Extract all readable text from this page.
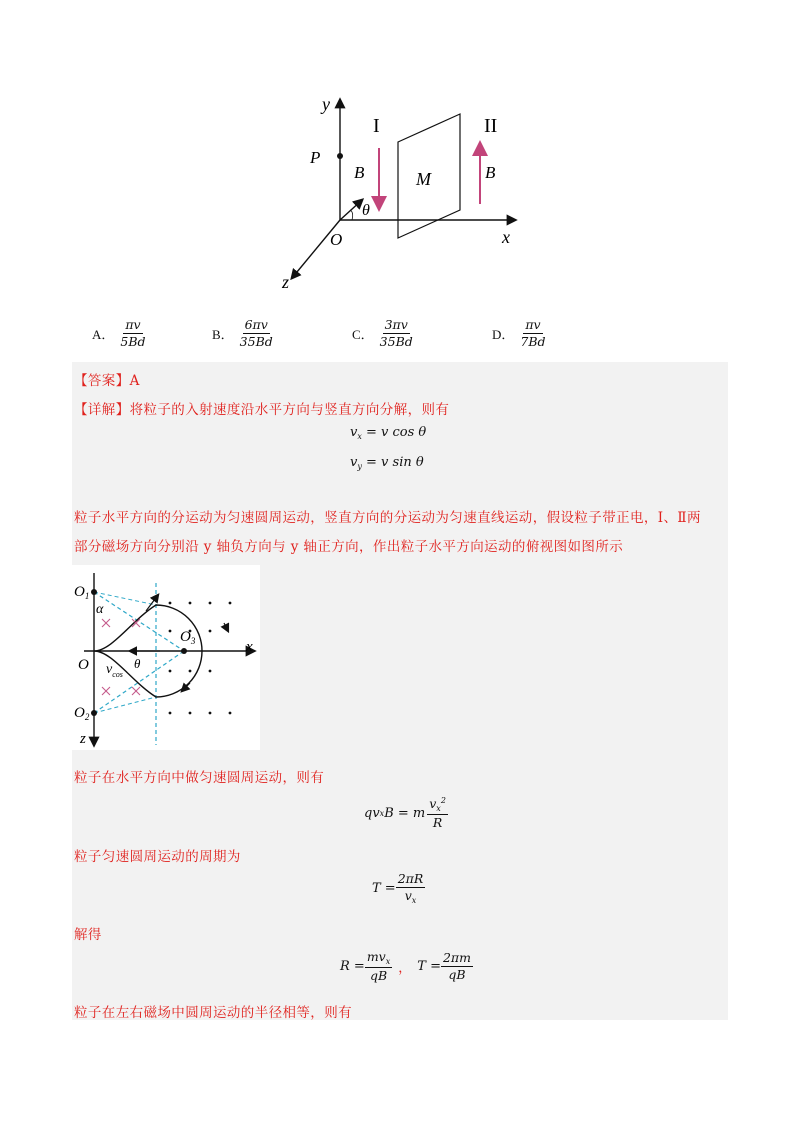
y
x
z
O
P
I	II
B	B
M
θ
A． $\frac{\pi v}{5Bd}$	B． $\frac{6\pi v}{35Bd}$	C． $\frac{3\pi v}{35Bd}$	D． $\frac{\pi v}{7Bd}$
【答案】A
【详解】将粒子的入射速度沿水平方向与竖直方向分解，则有
$v_x = v$ cos θ
$v_y = v$ sin θ
粒子水平方向的分运动为匀速圆周运动，竖直方向的分运动为匀速直线运动，假设粒子带正电，Ⅰ、Ⅱ两
部分磁场方向分别沿 y 轴负方向与 y 轴正方向，作出粒子水平方向运动的俯视图如图所示
$O_1$
α
O
$O_3$	x
$v_{cos}$
θ
$O_2$
z
粒子在水平方向中做匀速圆周运动，则有
qv x B = m $\frac{v_x^2}{R}$
粒子匀速圆周运动的周期为
$T = \frac{2\pi R}{v_x}$
解得
$R = \frac{mv_x}{qB}$ ， $T = \frac{2\pi m}{qB}$
粒子在左右磁场中圆周运动的半径相等，则有
